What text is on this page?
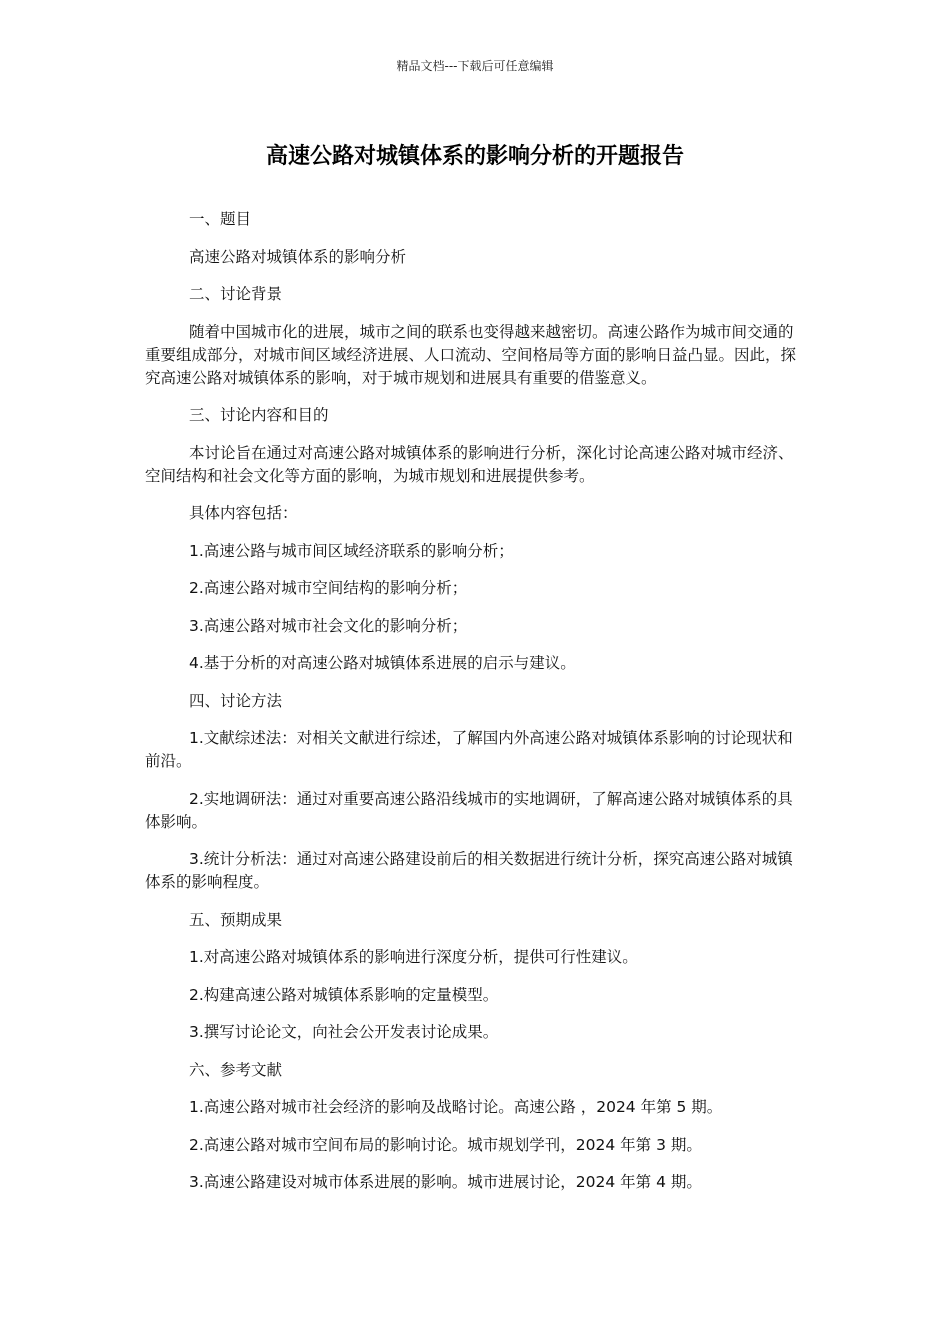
精品文档---下载后可任意编辑
高速公路对城镇体系的影响分析的开题报告

一、题目

高速公路对城镇体系的影响分析

二、讨论背景

随着中国城市化的进展，城市之间的联系也变得越来越密切。高速公路作为城市间交通的重要组成部分，对城市间区域经济进展、人口流动、空间格局等方面的影响日益凸显。因此，探究高速公路对城镇体系的影响，对于城市规划和进展具有重要的借鉴意义。

三、讨论内容和目的

本讨论旨在通过对高速公路对城镇体系的影响进行分析，深化讨论高速公路对城市经济、空间结构和社会文化等方面的影响，为城市规划和进展提供参考。

具体内容包括：

1.高速公路与城市间区域经济联系的影响分析；

2.高速公路对城市空间结构的影响分析；

3.高速公路对城市社会文化的影响分析；

4.基于分析的对高速公路对城镇体系进展的启示与建议。

四、讨论方法

1.文献综述法：对相关文献进行综述，了解国内外高速公路对城镇体系影响的讨论现状和前沿。

2.实地调研法：通过对重要高速公路沿线城市的实地调研，了解高速公路对城镇体系的具体影响。

3.统计分析法：通过对高速公路建设前后的相关数据进行统计分析，探究高速公路对城镇体系的影响程度。

五、预期成果

1.对高速公路对城镇体系的影响进行深度分析，提供可行性建议。

2.构建高速公路对城镇体系影响的定量模型。

3.撰写讨论论文，向社会公开发表讨论成果。

六、参考文献

1.高速公路对城市社会经济的影响及战略讨论。高速公路 ，2024 年第 5 期。

2.高速公路对城市空间布局的影响讨论。城市规划学刊，2024 年第 3 期。

3.高速公路建设对城市体系进展的影响。城市进展讨论，2024 年第 4 期。
